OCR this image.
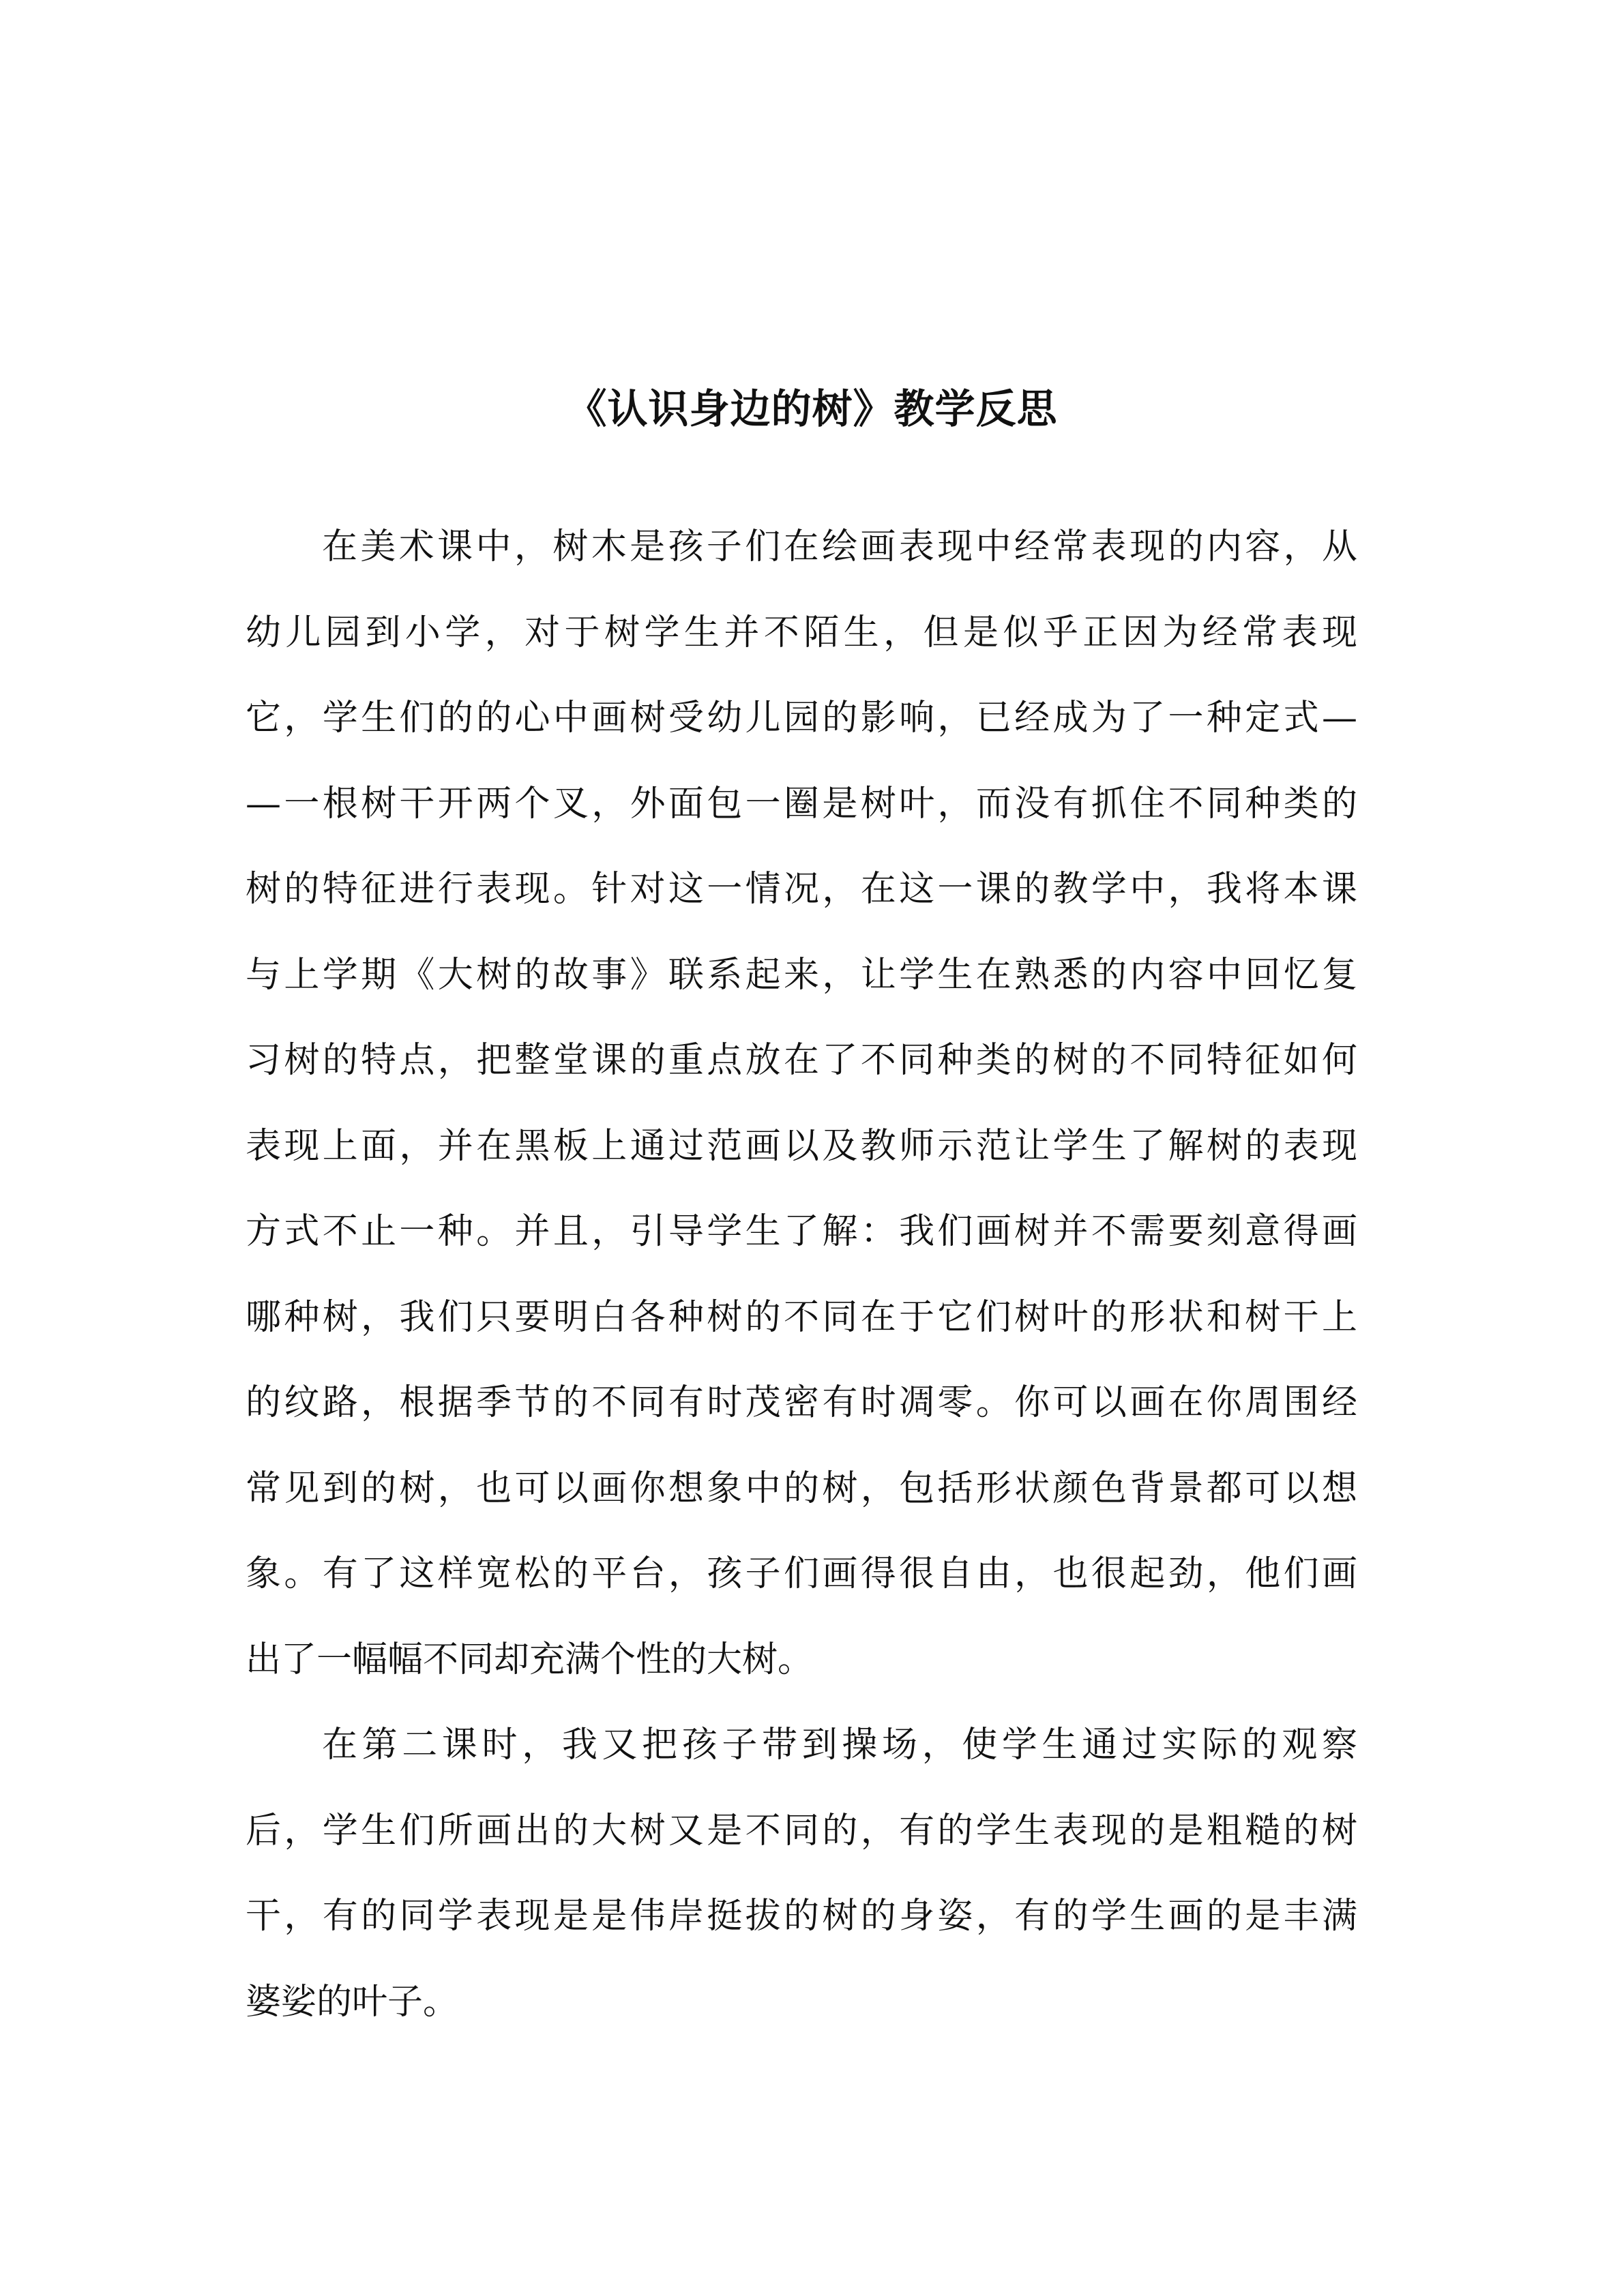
《认识身边的树》教学反思
在美术课中，树木是孩子们在绘画表现中经常表现的内容，从
幼儿园到小学，对于树学生并不陌生，但是似乎正因为经常表现
它，学生们的的心中画树受幼儿园的影响，已经成为了一种定式—
—一根树干开两个叉，外面包一圈是树叶，而没有抓住不同种类的
树的特征进行表现。针对这一情况，在这一课的教学中，我将本课
与上学期《大树的故事》联系起来，让学生在熟悉的内容中回忆复
习树的特点，把整堂课的重点放在了不同种类的树的不同特征如何
表现上面，并在黑板上通过范画以及教师示范让学生了解树的表现
方式不止一种。并且，引导学生了解：我们画树并不需要刻意得画
哪种树，我们只要明白各种树的不同在于它们树叶的形状和树干上
的纹路，根据季节的不同有时茂密有时凋零。你可以画在你周围经
常见到的树，也可以画你想象中的树，包括形状颜色背景都可以想
象。有了这样宽松的平台，孩子们画得很自由，也很起劲，他们画
出了一幅幅不同却充满个性的大树。
在第二课时，我又把孩子带到操场，使学生通过实际的观察
后，学生们所画出的大树又是不同的，有的学生表现的是粗糙的树
干，有的同学表现是是伟岸挺拔的树的身姿，有的学生画的是丰满
婆娑的叶子。
